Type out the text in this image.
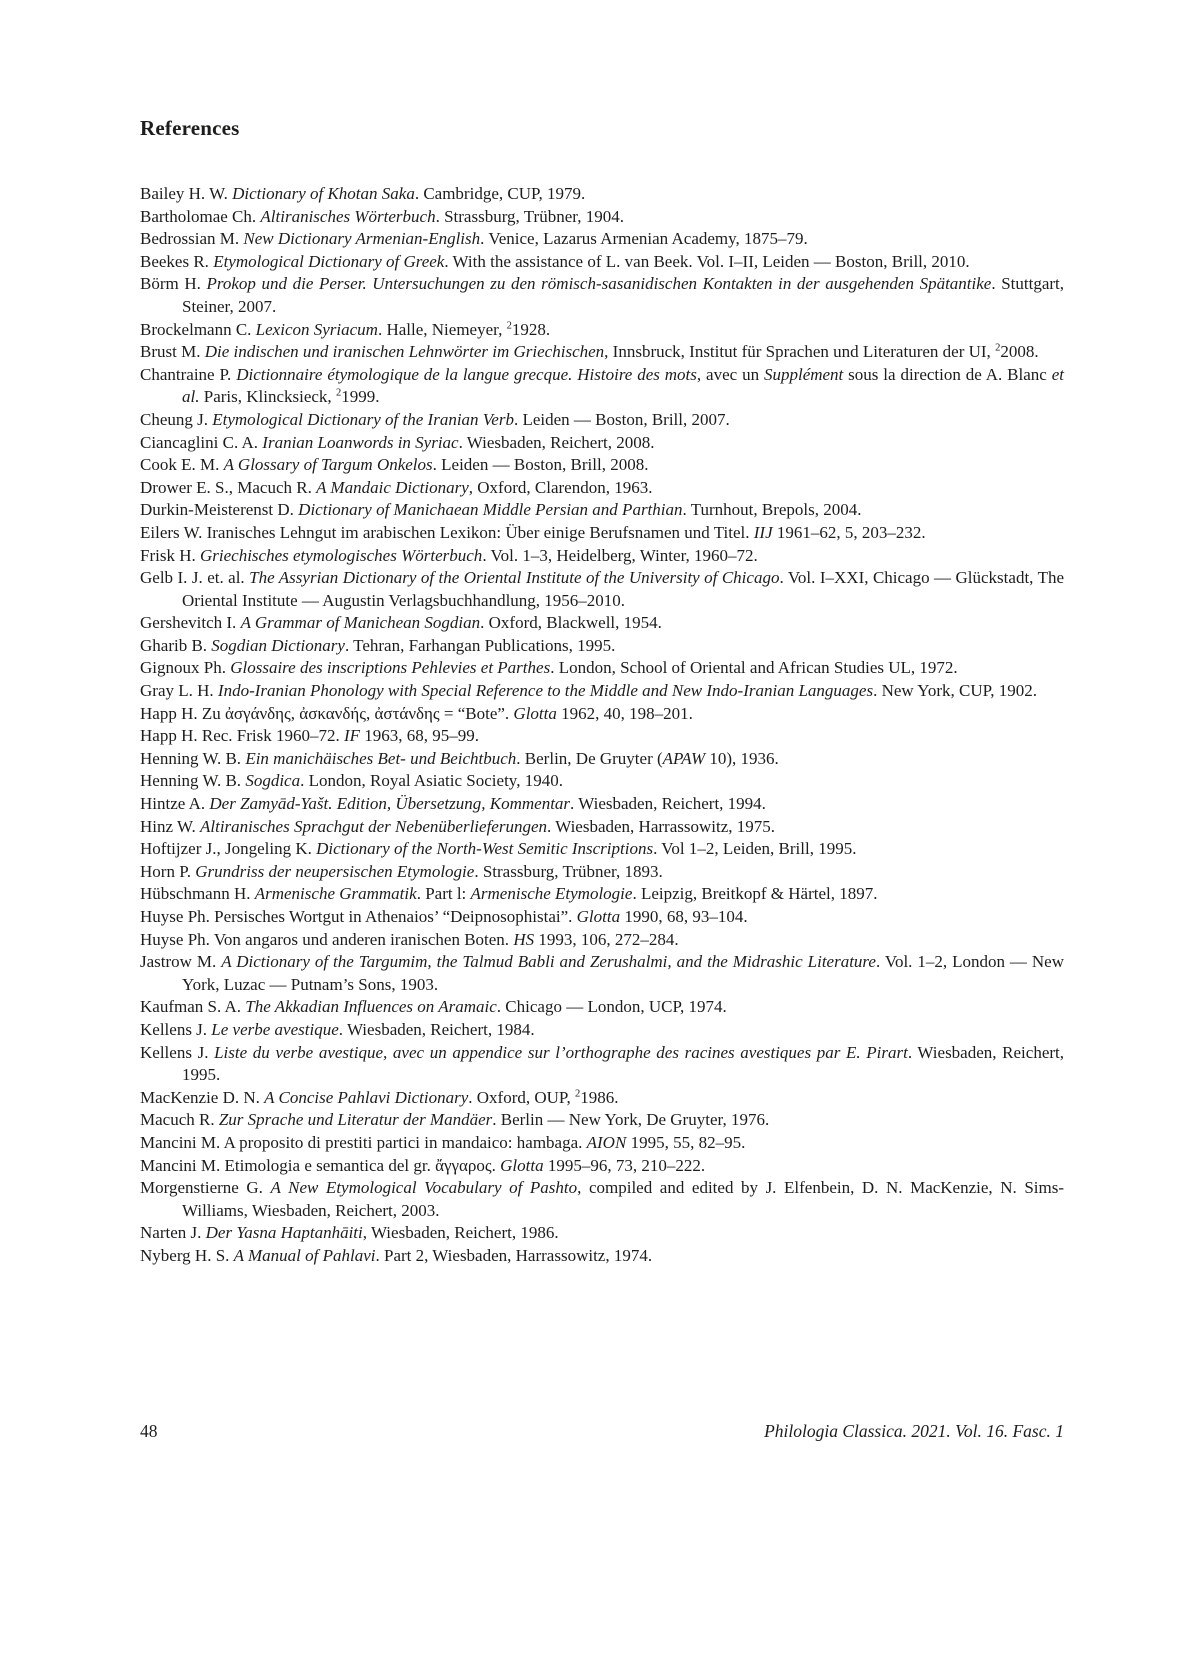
References

Bailey H. W. Dictionary of Khotan Saka. Cambridge, CUP, 1979.

Bartholomae Ch. Altiranisches Wörterbuch. Strassburg, Trübner, 1904.

Bedrossian M. New Dictionary Armenian-English. Venice, Lazarus Armenian Academy, 1875–79.

Beekes R. Etymological Dictionary of Greek. With the assistance of L. van Beek. Vol. I–II, Leiden — Boston, Brill, 2010.

Börm H. Prokop und die Perser. Untersuchungen zu den römisch-sasanidischen Kontakten in der ausgehenden Spätantike. Stuttgart, Steiner, 2007.

Brockelmann C. Lexicon Syriacum. Halle, Niemeyer, $^2$1928.

Brust M. Die indischen und iranischen Lehnwörter im Griechischen, Innsbruck, Institut für Sprachen und Literaturen der UI, $^2$2008.

Chantraine P. Dictionnaire étymologique de la langue grecque. Histoire des mots, avec un Supplément sous la direction de A. Blanc et al. Paris, Klincksieck, $^2$1999.

Cheung J. Etymological Dictionary of the Iranian Verb. Leiden — Boston, Brill, 2007.

Ciancaglini C. A. Iranian Loanwords in Syriac. Wiesbaden, Reichert, 2008.

Cook E. M. A Glossary of Targum Onkelos. Leiden — Boston, Brill, 2008.

Drower E. S., Macuch R. A Mandaic Dictionary, Oxford, Clarendon, 1963.

Durkin-Meisterenst D. Dictionary of Manichaean Middle Persian and Parthian. Turnhout, Brepols, 2004.

Eilers W. Iranisches Lehngut im arabischen Lexikon: Über einige Berufsnamen und Titel. IIJ 1961–62, 5, 203–232.

Frisk H. Griechisches etymologisches Wörterbuch. Vol. 1–3, Heidelberg, Winter, 1960–72.

Gelb I. J. et. al. The Assyrian Dictionary of the Oriental Institute of the University of Chicago. Vol. I–XXI, Chicago — Glückstadt, The Oriental Institute — Augustin Verlagsbuchhandlung, 1956–2010.

Gershevitch I. A Grammar of Manichean Sogdian. Oxford, Blackwell, 1954.

Gharib B. Sogdian Dictionary. Tehran, Farhangan Publications, 1995.

Gignoux Ph. Glossaire des inscriptions Pehlevies et Parthes. London, School of Oriental and African Studies UL, 1972.

Gray L. H. Indo-Iranian Phonology with Special Reference to the Middle and New Indo-Iranian Languages. New York, CUP, 1902.

Happ H. Zu ἀσγάνδης, ἀσκανδής, ἀστάνδης = “Bote”. Glotta 1962, 40, 198–201.

Happ H. Rec. Frisk 1960–72. IF 1963, 68, 95–99.

Henning W. B. Ein manichäisches Bet- und Beichtbuch. Berlin, De Gruyter (APAW 10), 1936.

Henning W. B. Sogdica. London, Royal Asiatic Society, 1940.

Hintze A. Der Zamyād-Yašt. Edition, Übersetzung, Kommentar. Wiesbaden, Reichert, 1994.

Hinz W. Altiranisches Sprachgut der Nebenüberlieferungen. Wiesbaden, Harrassowitz, 1975.

Hoftijzer J., Jongeling K. Dictionary of the North-West Semitic Inscriptions. Vol 1–2, Leiden, Brill, 1995.

Horn P. Grundriss der neupersischen Etymologie. Strassburg, Trübner, 1893.

Hübschmann H. Armenische Grammatik. Part l: Armenische Etymologie. Leipzig, Breitkopf & Härtel, 1897.

Huyse Ph. Persisches Wortgut in Athenaios’ “Deipnosophistai”. Glotta 1990, 68, 93–104.

Huyse Ph. Von angaros und anderen iranischen Boten. HS 1993, 106, 272–284.

Jastrow M. A Dictionary of the Targumim, the Talmud Babli and Zerushalmi, and the Midrashic Literature. Vol. 1–2, London — New York, Luzac — Putnam’s Sons, 1903.

Kaufman S. A. The Akkadian Influences on Aramaic. Chicago — London, UCP, 1974.

Kellens J. Le verbe avestique. Wiesbaden, Reichert, 1984.

Kellens J. Liste du verbe avestique, avec un appendice sur l’orthographe des racines avestiques par E. Pirart. Wiesbaden, Reichert, 1995.

MacKenzie D. N. A Concise Pahlavi Dictionary. Oxford, OUP, $^2$1986.

Macuch R. Zur Sprache und Literatur der Mandäer. Berlin — New York, De Gruyter, 1976.

Mancini M. A proposito di prestiti partici in mandaico: hambaga. AION 1995, 55, 82–95.

Mancini M. Etimologia e semantica del gr. ἄγγαρος. Glotta 1995–96, 73, 210–222.

Morgenstierne G. A New Etymological Vocabulary of Pashto, compiled and edited by J. Elfenbein, D. N. MacKenzie, N. Sims-Williams, Wiesbaden, Reichert, 2003.

Narten J. Der Yasna Haptanhāiti, Wiesbaden, Reichert, 1986.

Nyberg H. S. A Manual of Pahlavi. Part 2, Wiesbaden, Harrassowitz, 1974.

48	Philologia Classica. 2021. Vol. 16. Fasc. 1
